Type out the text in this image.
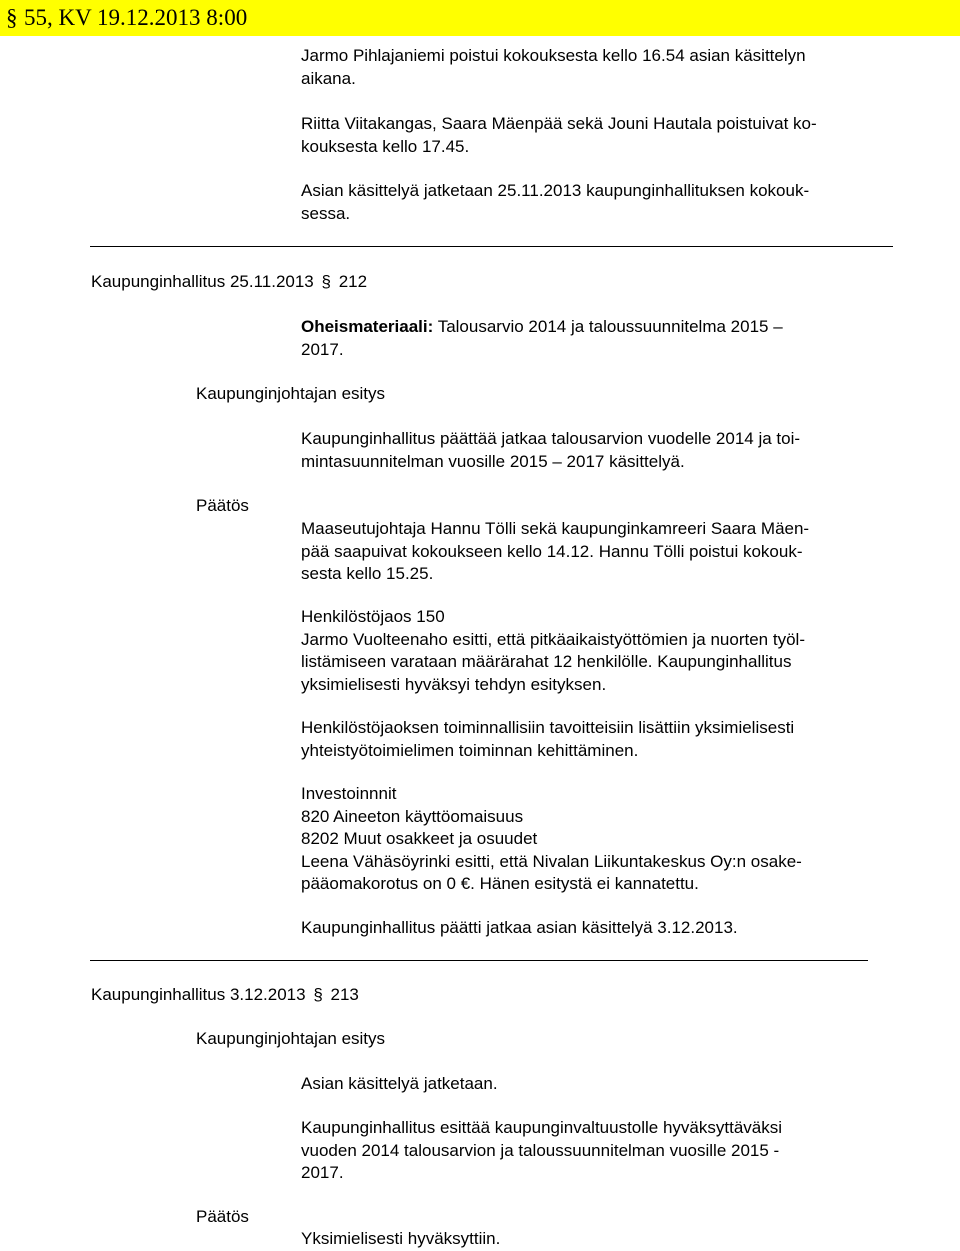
§ 55, KV 19.12.2013 8:00
Jarmo Pihlajaniemi poistui kokouksesta kello 16.54 asian käsittelyn
aikana.
Riitta Viitakangas, Saara Mäenpää sekä Jouni Hautala poistuivat ko-
kouksesta kello 17.45.
Asian käsittelyä jatketaan 25.11.2013 kaupunginhallituksen kokouk-
sessa.
Kaupunginhallitus 25.11.2013 § 212
Oheismateriaali: Talousarvio 2014 ja taloussuunnitelma 2015 –
2017.
Kaupunginjohtajan esitys
Kaupunginhallitus päättää jatkaa talousarvion vuodelle 2014 ja toi-
mintasuunnitelman vuosille 2015 – 2017 käsittelyä.
Päätös
Maaseutujohtaja Hannu Tölli sekä kaupunginkamreeri Saara Mäen-
pää saapuivat kokoukseen kello 14.12. Hannu Tölli poistui kokouk-
sesta kello 15.25.
Henkilöstöjaos 150
Jarmo Vuolteenaho esitti, että pitkäaikaistyöttömien ja nuorten työl-
listämiseen varataan määrärahat 12 henkilölle. Kaupunginhallitus
yksimielisesti hyväksyi tehdyn esityksen.
Henkilöstöjaoksen toiminnallisiin tavoitteisiin lisättiin yksimielisesti
yhteistyötoimielimen toiminnan kehittäminen.
Investoinnnit
820 Aineeton käyttöomaisuus
8202 Muut osakkeet ja osuudet
Leena Vähäsöyrinki esitti, että Nivalan Liikuntakeskus Oy:n osake-
pääomakorotus on 0 €. Hänen esitystä ei kannatettu.
Kaupunginhallitus päätti jatkaa asian käsittelyä 3.12.2013.
Kaupunginhallitus 3.12.2013 § 213
Kaupunginjohtajan esitys
Asian käsittelyä jatketaan.
Kaupunginhallitus esittää kaupunginvaltuustolle hyväksyttäväksi
vuoden 2014 talousarvion ja taloussuunnitelman vuosille 2015 -
2017.
Päätös
Yksimielisesti hyväksyttiin.
